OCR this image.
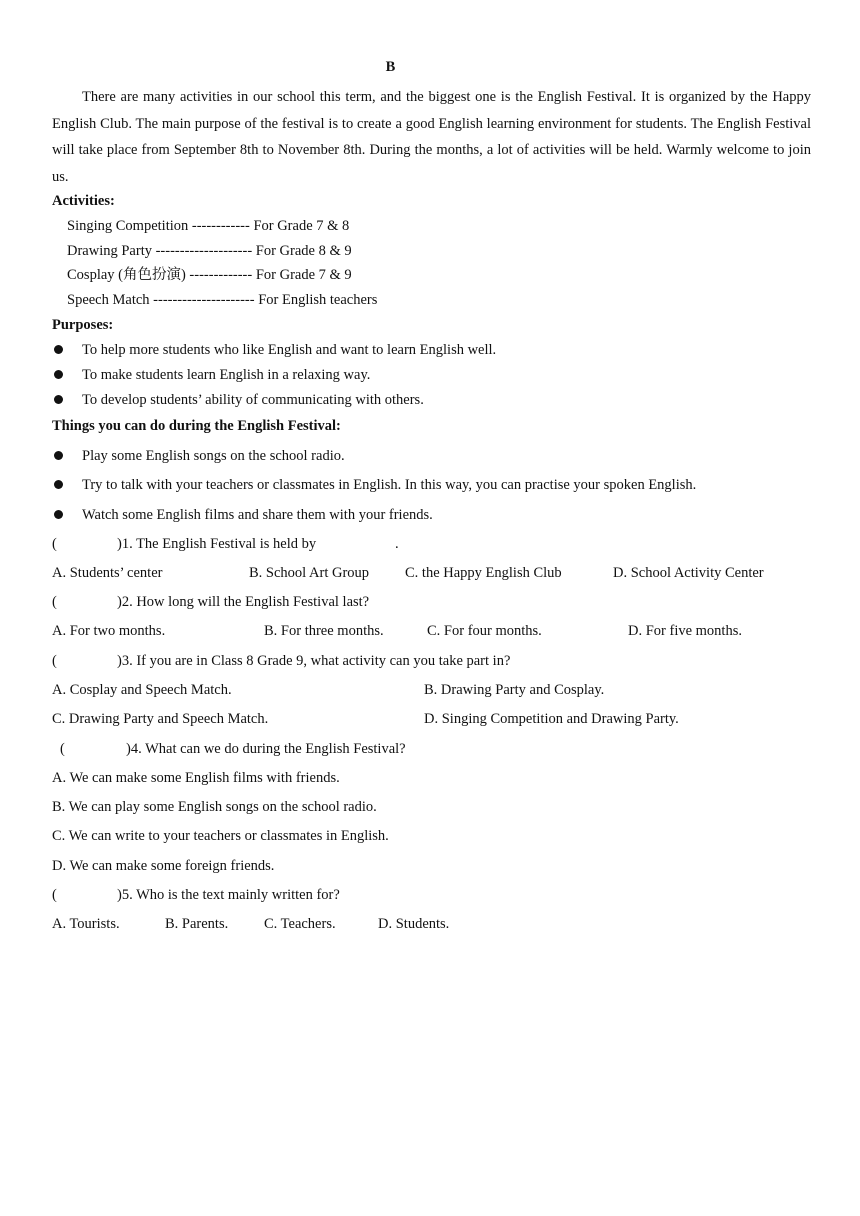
B
There are many activities in our school this term, and the biggest one is the English Festival. It is organized by the Happy English Club. The main purpose of the festival is to create a good English learning environment for students. The English Festival will take place from September 8th to November 8th. During the months, a lot of activities will be held. Warmly welcome to join us.
Activities:
Singing Competition ------------ For Grade 7 & 8
Drawing Party -------------------- For Grade 8 & 9
Cosplay (角色扮演) ------------- For Grade 7 & 9
Speech Match --------------------- For English teachers
Purposes:
To help more students who like English and want to learn English well.
To make students learn English in a relaxing way.
To develop students’ ability of communicating with others.
Things you can do during the English Festival:
Play some English songs on the school radio.
Try to talk with your teachers or classmates in English. In this way, you can practise your spoken English.
Watch some English films and share them with your friends.
(	)1. The English Festival is held by	.
A. Students’ center	B. School Art Group C. the Happy English Club	D. School Activity Center
(	)2. How long will the English Festival last?
A. For two months.	B. For three months.	C. For four months.	D. For five months.
(	)3. If you are in Class 8 Grade 9, what activity can you take part in?
A. Cosplay and Speech Match.	B. Drawing Party and Cosplay.
C. Drawing Party and Speech Match.	D. Singing Competition and Drawing Party.
(	)4. What can we do during the English Festival?
A. We can make some English films with friends.
B. We can play some English songs on the school radio.
C. We can write to your teachers or classmates in English.
D. We can make some foreign friends.
(	)5. Who is the text mainly written for?
A. Tourists.	B. Parents. C. Teachers.	D. Students.
